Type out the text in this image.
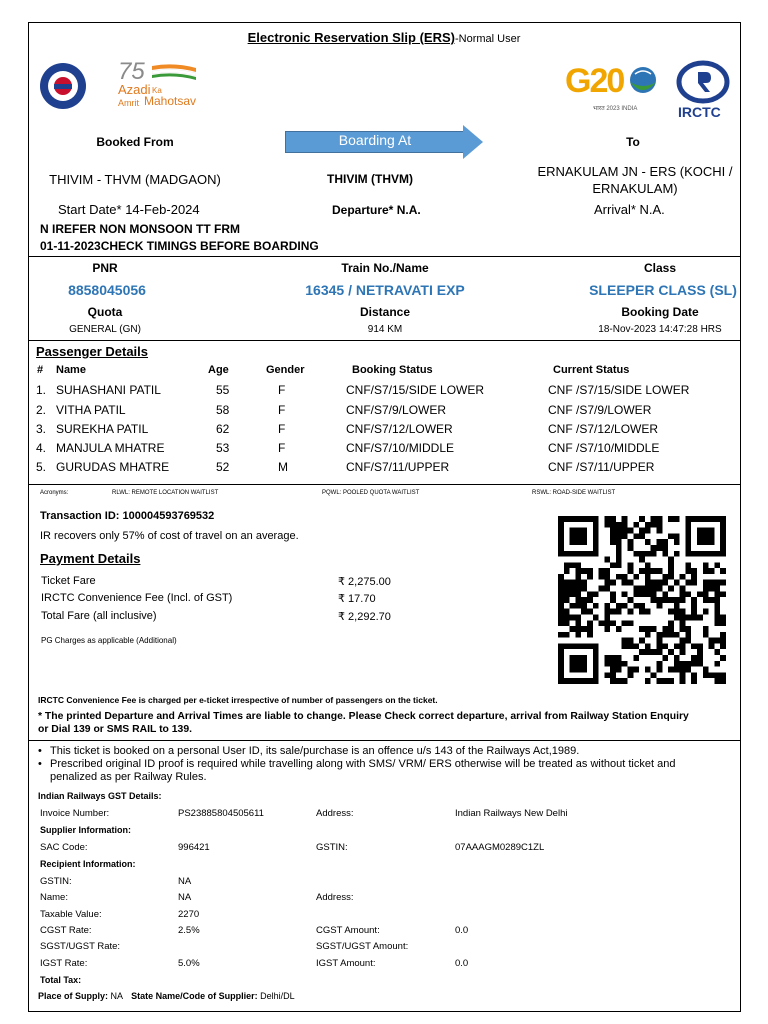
Electronic Reservation Slip (ERS)-Normal User
75
Azadi Ka
Amrit Mahotsav
G20
भारत 2023 INDIA	IRCTC
Booked From	Boarding At	To
THIVIM - THVM (MADGAON)	THIVIM (THVM)	ERNAKULAM JN - ERS (KOCHI /
ERNAKULAM)
Start Date* 14-Feb-2024	Departure* N.A.	Arrival* N.A.
N IREFER NON MONSOON TT FRM
01-11-2023CHECK TIMINGS BEFORE BOARDING
PNR	Train No./Name	Class
8858045056	16345 / NETRAVATI EXP	SLEEPER CLASS (SL)
Quota	Distance	Booking Date
GENERAL (GN)	914 KM	18-Nov-2023 14:47:28 HRS
Passenger Details
# Name	Age	Gender	Booking Status	Current Status
1. SUHASHANI PATIL	55	F	CNF/S7/15/SIDE LOWER	CNF /S7/15/SIDE LOWER
2. VITHA PATIL	58	F	CNF/S7/9/LOWER	CNF /S7/9/LOWER
3. SUREKHA PATIL	62	F	CNF/S7/12/LOWER	CNF /S7/12/LOWER
4. MANJULA MHATRE	53	F	CNF/S7/10/MIDDLE	CNF /S7/10/MIDDLE
5. GURUDAS MHATRE	52	M	CNF/S7/11/UPPER	CNF /S7/11/UPPER
Acronyms:	RLWL: REMOTE LOCATION WAITLIST	PQWL: POOLED QUOTA WAITLIST	RSWL: ROAD-SIDE WAITLIST
Transaction ID: 100004593769532
IR recovers only 57% of cost of travel on an average.
Payment Details
Ticket Fare	₹ 2,275.00
IRCTC Convenience Fee (Incl. of GST)	₹ 17.70
Total Fare (all inclusive)	₹ 2,292.70
PG Charges as applicable (Additional)
IRCTC Convenience Fee is charged per e-ticket irrespective of number of passengers on the ticket.
* The printed Departure and Arrival Times are liable to change. Please Check correct departure, arrival from Railway Station Enquiry
or Dial 139 or SMS RAIL to 139.
• This ticket is booked on a personal User ID, its sale/purchase is an offence u/s 143 of the Railways Act,1989.
• Prescribed original ID proof is required while travelling along with SMS/ VRM/ ERS otherwise will be treated as without ticket and
penalized as per Railway Rules.
Indian Railways GST Details:
Invoice Number:	PS23885804505611	Address:	Indian Railways New Delhi
Supplier Information:
SAC Code:	996421	GSTIN:	07AAAGM0289C1ZL
Recipient Information:
GSTIN:	NA
Name:	NA	Address:
Taxable Value:	2270
CGST Rate:	2.5%	CGST Amount:	0.0
SGST/UGST Rate:	SGST/UGST Amount:
IGST Rate:	5.0%	IGST Amount:	0.0
Total Tax:
Place of Supply: NA State Name/Code of Supplier: Delhi/DL
